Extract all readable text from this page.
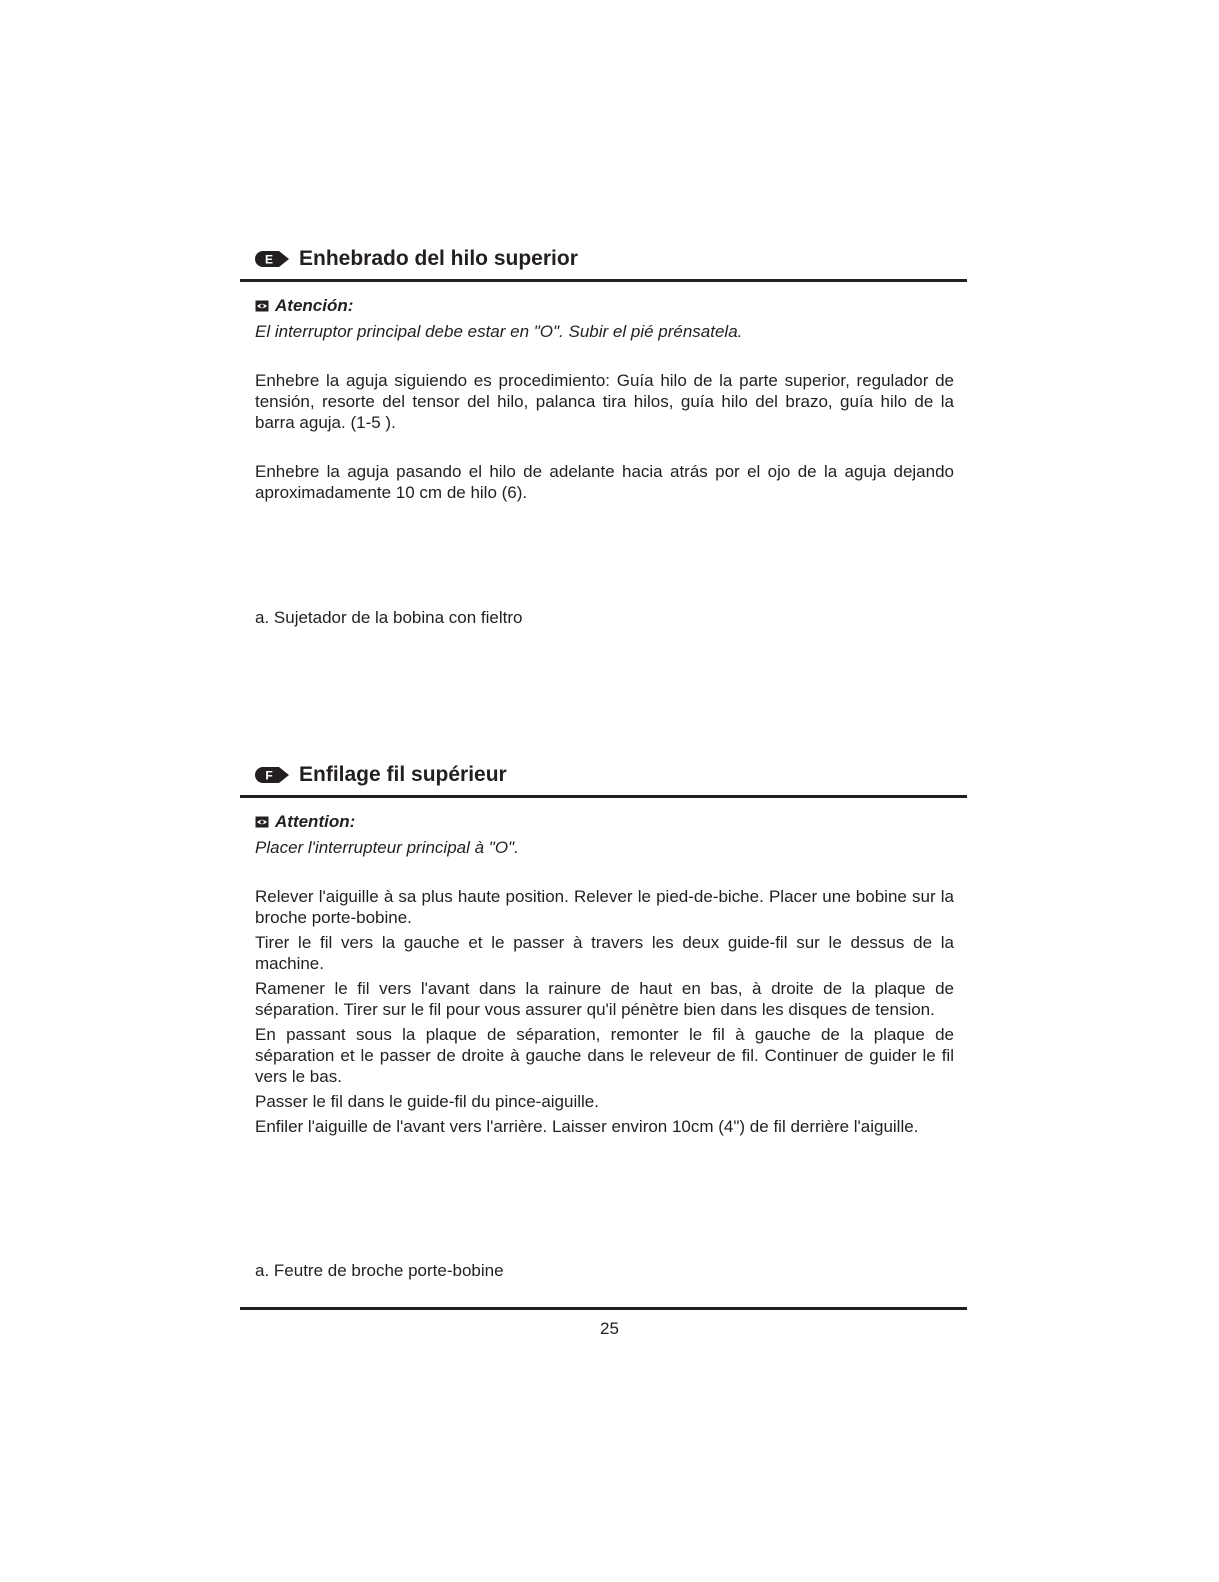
E Enhebrado del hilo superior
Atención:

El interruptor principal debe estar en "O". Subir el pié prénsatela.

Enhebre la aguja siguiendo es procedimiento: Guía hilo de la parte superior, regulador de tensión, resorte del tensor del hilo, palanca tira hilos, guía hilo del brazo, guía hilo de la barra aguja. (1-5 ).

Enhebre la aguja pasando el hilo de adelante hacia atrás por el ojo de la aguja dejando aproximadamente 10 cm de hilo (6).

a. Sujetador de la bobina con fieltro
F Enfilage fil supérieur
Attention:

Placer l'interrupteur principal à "O".

Relever l'aiguille à sa plus haute position. Relever le pied-de-biche. Placer une bobine sur la broche porte-bobine.
Tirer le fil vers la gauche et le passer à travers les deux guide-fil sur le dessus de la machine.
Ramener le fil vers l'avant dans la rainure de haut en bas, à droite de la plaque de séparation. Tirer sur le fil pour vous assurer qu'il pénètre bien dans les disques de tension.
En passant sous la plaque de séparation, remonter le fil à gauche de la plaque de séparation et le passer de droite à gauche dans le releveur de fil. Continuer de guider le fil vers le bas.
Passer le fil dans le guide-fil du pince-aiguille.
Enfiler l'aiguille de l'avant vers l'arrière. Laisser environ 10cm (4") de fil derrière l'aiguille.
a. Feutre de broche porte-bobine
25
